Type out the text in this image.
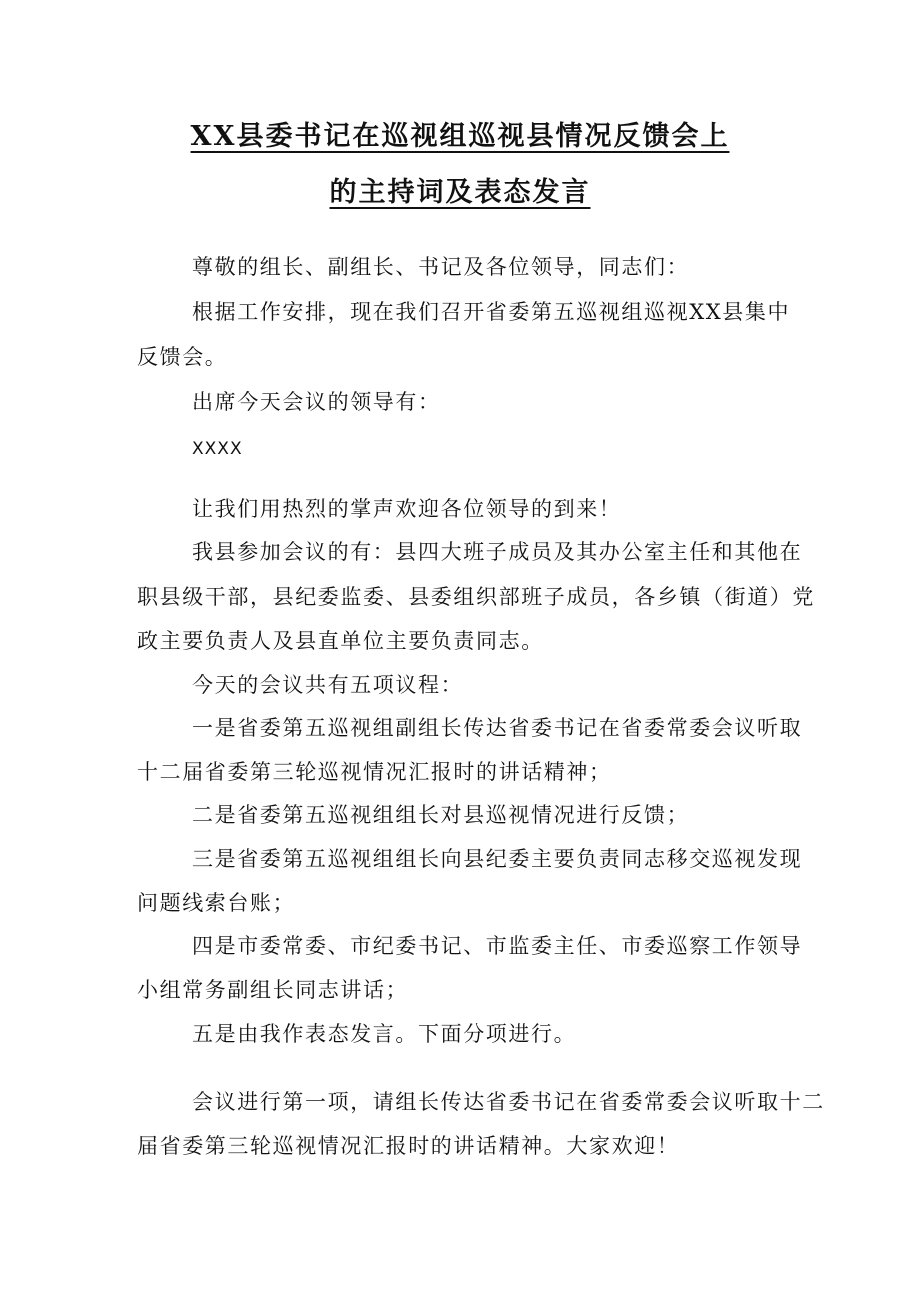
XX县委书记在巡视组巡视县情况反馈会上
的主持词及表态发言
尊敬的组长、副组长、书记及各位领导，同志们：
根据工作安排，现在我们召开省委第五巡视组巡视XX县集中
反馈会。
出席今天会议的领导有：
XXXX
让我们用热烈的掌声欢迎各位领导的到来！
我县参加会议的有：县四大班子成员及其办公室主任和其他在
职县级干部，县纪委监委、县委组织部班子成员，各乡镇（街道）党
政主要负责人及县直单位主要负责同志。
今天的会议共有五项议程：
一是省委第五巡视组副组长传达省委书记在省委常委会议听取
十二届省委第三轮巡视情况汇报时的讲话精神；
二是省委第五巡视组组长对县巡视情况进行反馈；
三是省委第五巡视组组长向县纪委主要负责同志移交巡视发现
问题线索台账；
四是市委常委、市纪委书记、市监委主任、市委巡察工作领导
小组常务副组长同志讲话；
五是由我作表态发言。下面分项进行。
会议进行第一项，请组长传达省委书记在省委常委会议听取十二
届省委第三轮巡视情况汇报时的讲话精神。大家欢迎！
